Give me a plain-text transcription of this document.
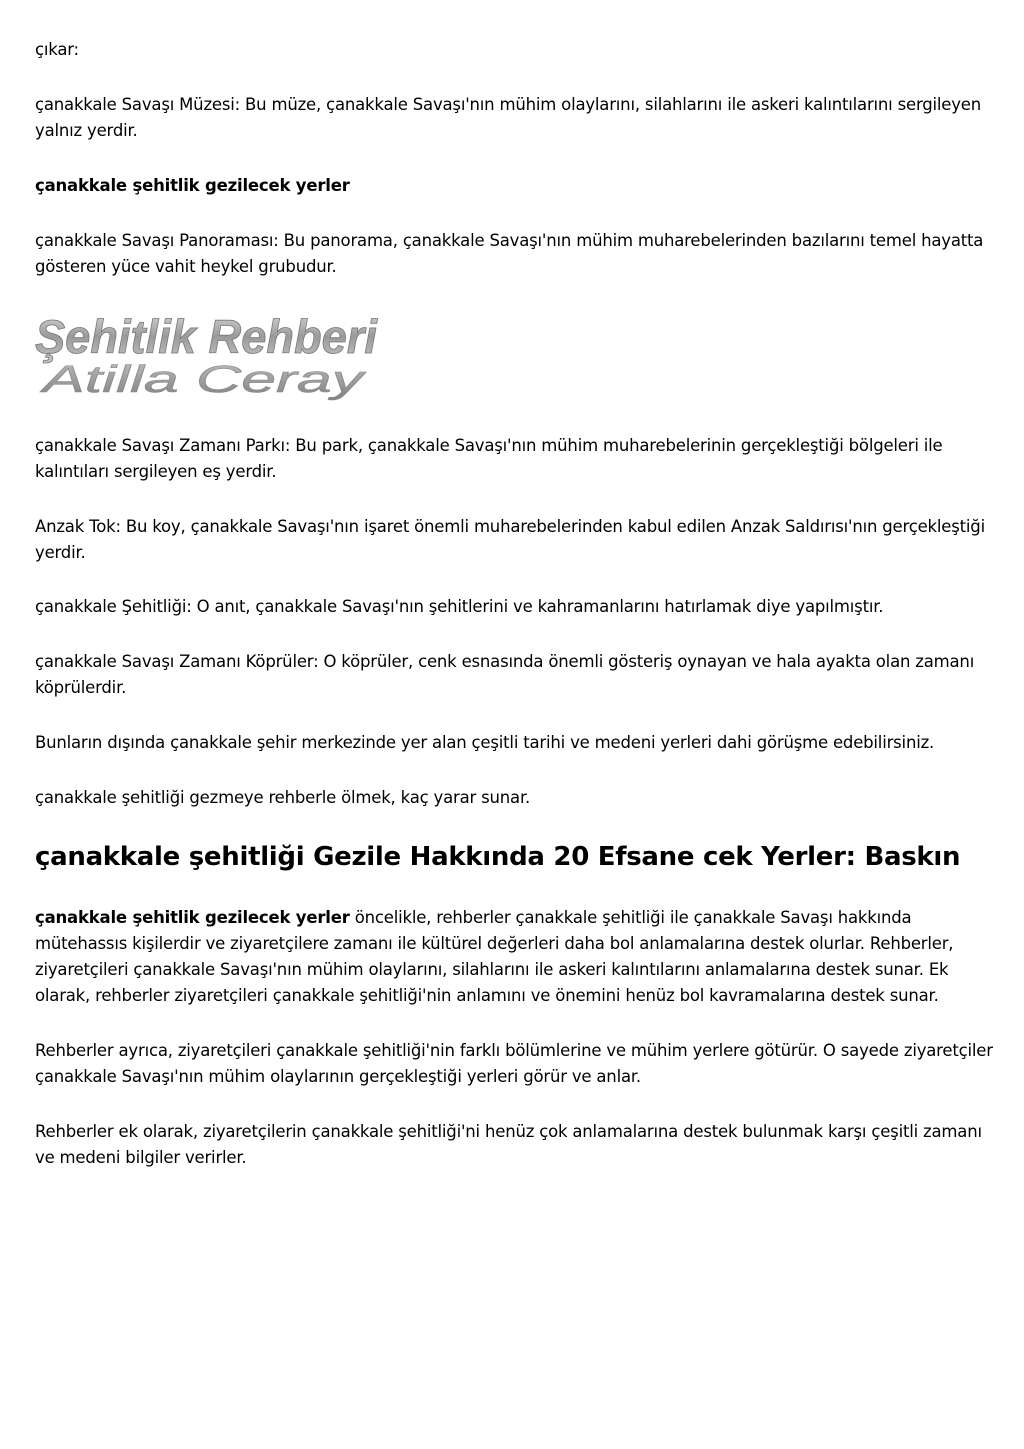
çıkar:

çanakkale Savaşı Müzesi: Bu müze, çanakkale Savaşı'nın mühim olaylarını, silahlarını ile askeri kalıntılarını sergileyen yalnız yerdir.

çanakkale şehitlik gezilecek yerler

çanakkale Savaşı Panoraması: Bu panorama, çanakkale Savaşı'nın mühim muharebelerinden bazılarını temel hayatta gösteren yüce vahit heykel grubudur.

Şehitlik Rehberi
Atilla Ceray

çanakkale Savaşı Zamanı Parkı: Bu park, çanakkale Savaşı'nın mühim muharebelerinin gerçekleştiği bölgeleri ile kalıntıları sergileyen eş yerdir.

Anzak Tok: Bu koy, çanakkale Savaşı'nın işaret önemli muharebelerinden kabul edilen Anzak Saldırısı'nın gerçekleştiği yerdir.

çanakkale Şehitliği: O anıt, çanakkale Savaşı'nın şehitlerini ve kahramanlarını hatırlamak diye yapılmıştır.

çanakkale Savaşı Zamanı Köprüler: O köprüler, cenk esnasında önemli gösteriş oynayan ve hala ayakta olan zamanı köprülerdir.

Bunların dışında çanakkale şehir merkezinde yer alan çeşitli tarihi ve medeni yerleri dahi görüşme edebilirsiniz.

çanakkale şehitliği gezmeye rehberle ölmek, kaç yarar sunar.

çanakkale şehitliği Gezile Hakkında 20 Efsane cek Yerler: Baskın

çanakkale şehitlik gezilecek yerler öncelikle, rehberler çanakkale şehitliği ile çanakkale Savaşı hakkında mütehassıs kişilerdir ve ziyaretçilere zamanı ile kültürel değerleri daha bol anlamalarına destek olurlar. Rehberler, ziyaretçileri çanakkale Savaşı'nın mühim olaylarını, silahlarını ile askeri kalıntılarını anlamalarına destek sunar. Ek olarak, rehberler ziyaretçileri çanakkale şehitliği'nin anlamını ve önemini henüz bol kavramalarına destek sunar.

Rehberler ayrıca, ziyaretçileri çanakkale şehitliği'nin farklı bölümlerine ve mühim yerlere götürür. O sayede ziyaretçiler çanakkale Savaşı'nın mühim olaylarının gerçekleştiği yerleri görür ve anlar.

Rehberler ek olarak, ziyaretçilerin çanakkale şehitliği'ni henüz çok anlamalarına destek bulunmak karşı çeşitli zamanı ve medeni bilgiler verirler.
